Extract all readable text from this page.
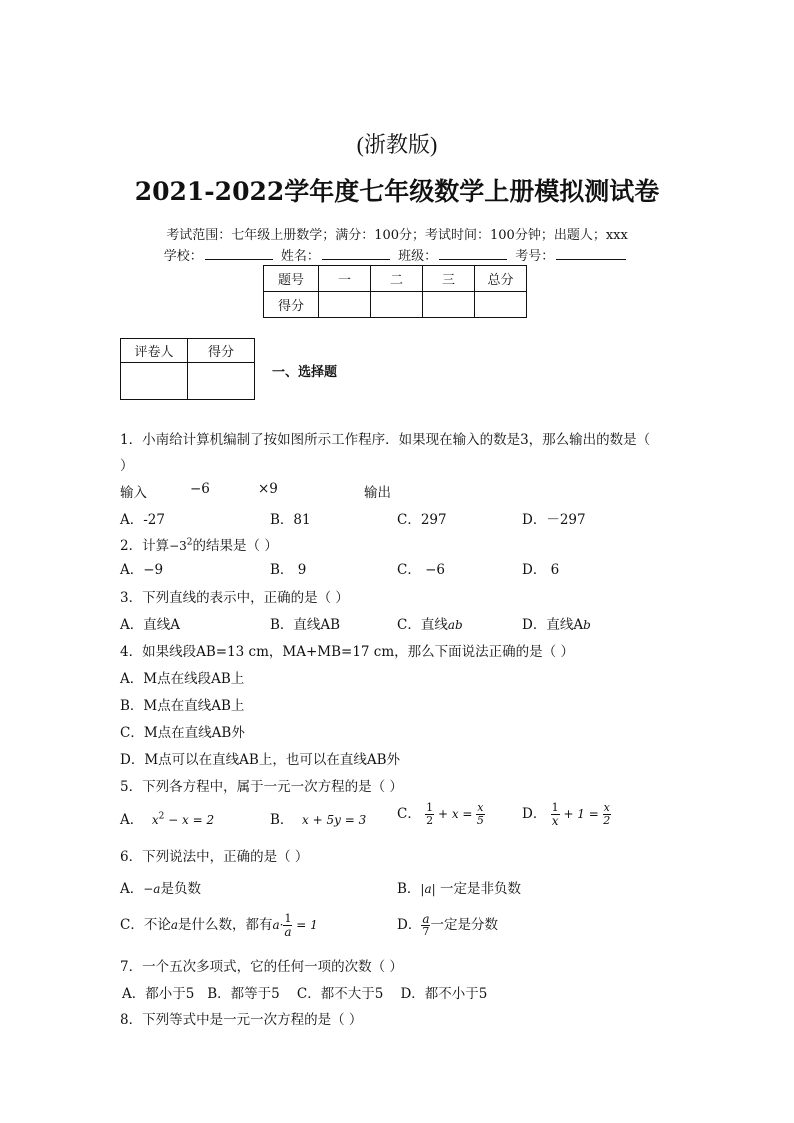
(浙教版)
2021-2022学年度七年级数学上册模拟测试卷
考试范围：七年级上册数学；满分：100分；考试时间：100分钟；出题人；xxx
学校：	姓名：	班级：	考号：
题号	一	二	三	总分
得分				
评卷人	得分

一、选择题
1．小南给计算机编制了按如图所示工作程序．如果现在输入的数是3，那么输出的数是（
）
输入	−6	×9	输出
A．-27	B．81	C．297	D．－297
2．计算$-3^2$的结果是（ ）
A．−9	B． 9	C． −6	D． 6
3．下列直线的表示中，正确的是（ ）
A．直线A	B．直线AB	C．直线ab	D．直线Ab
4．如果线段AB=13 cm，MA+MB=17 cm，那么下面说法正确的是（ ）
A．M点在线段AB上
B．M点在直线AB上
C．M点在直线AB外
D．M点可以在直线AB上，也可以在直线AB外
5．下列各方程中，属于一元一次方程的是（ ）
A． $x^2 - x = 2$	B． x + 5y = 3 C． $\frac{1}{2} + x = \frac{x}{5}$	D． $\frac{1}{x} + 1 = \frac{x}{2}$
6．下列说法中，正确的是（ ）
A．−a是负数	B．|a| 一定是非负数
C．不论a是什么数，都有$a\cdot \frac{1}{a} = 1$	D． $\frac{a}{7}$ 一定是分数
7．一个五次多项式，它的任何一项的次数（ ）
A．都小于5   B．都等于5    C．都不大于5    D．都不小于5
8．下列等式中是一元一次方程的是（ ）
